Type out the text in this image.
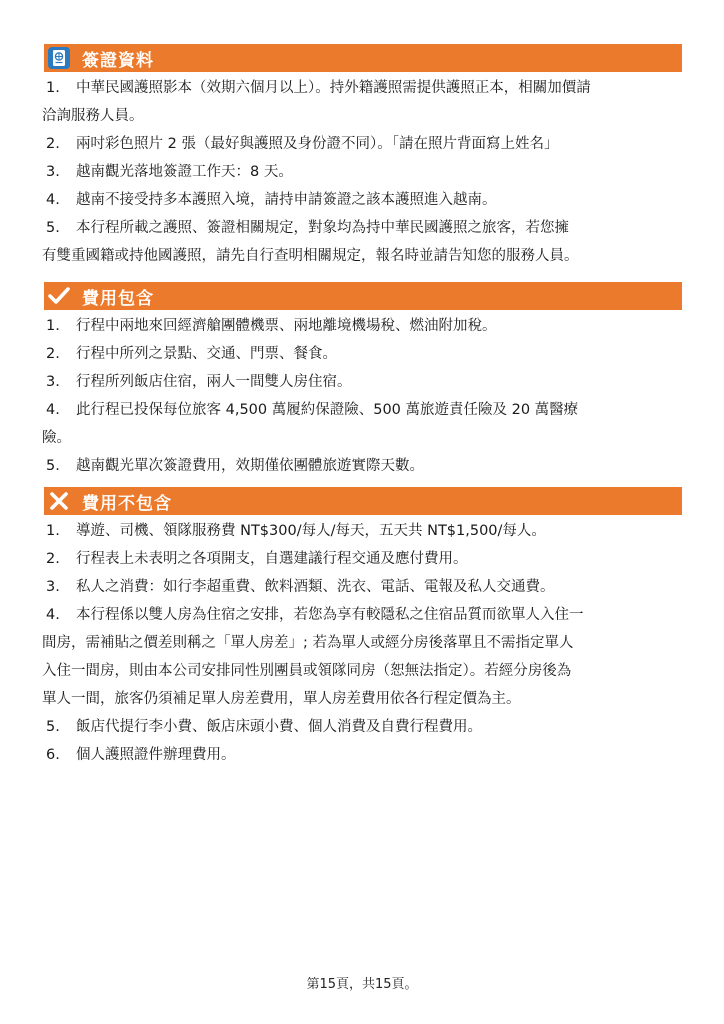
簽證資料
1. 中華民國護照影本（效期六個月以上）。持外籍護照需提供護照正本，相關加價請
洽詢服務人員。
2. 兩吋彩色照片 2 張（最好與護照及身份證不同）。「請在照片背面寫上姓名」
3. 越南觀光落地簽證工作天：8 天。
4. 越南不接受持多本護照入境，請持申請簽證之該本護照進入越南。
5. 本行程所載之護照、簽證相關規定，對象均為持中華民國護照之旅客，若您擁
有雙重國籍或持他國護照，請先自行查明相關規定，報名時並請告知您的服務人員。
費用包含
1. 行程中兩地來回經濟艙團體機票、兩地離境機場稅、燃油附加稅。
2. 行程中所列之景點、交通、門票、餐食。
3. 行程所列飯店住宿，兩人一間雙人房住宿。
4. 此行程已投保每位旅客 4,500 萬履約保證險、500 萬旅遊責任險及 20 萬醫療
險。
5. 越南觀光單次簽證費用，效期僅依團體旅遊實際天數。
費用不包含
1. 導遊、司機、領隊服務費 NT$300/每人/每天，五天共 NT$1,500/每人。
2. 行程表上未表明之各項開支，自選建議行程交通及應付費用。
3. 私人之消費：如行李超重費、飲料酒類、洗衣、電話、電報及私人交通費。
4. 本行程係以雙人房為住宿之安排，若您為享有較隱私之住宿品質而欲單人入住一
間房，需補貼之價差則稱之「單人房差」; 若為單人或經分房後落單且不需指定單人
入住一間房，則由本公司安排同性別團員或領隊同房（恕無法指定）。若經分房後為
單人一間，旅客仍須補足單人房差費用，單人房差費用依各行程定價為主。
5. 飯店代提行李小費、飯店床頭小費、個人消費及自費行程費用。
6. 個人護照證件辦理費用。
第15頁，共15頁。
